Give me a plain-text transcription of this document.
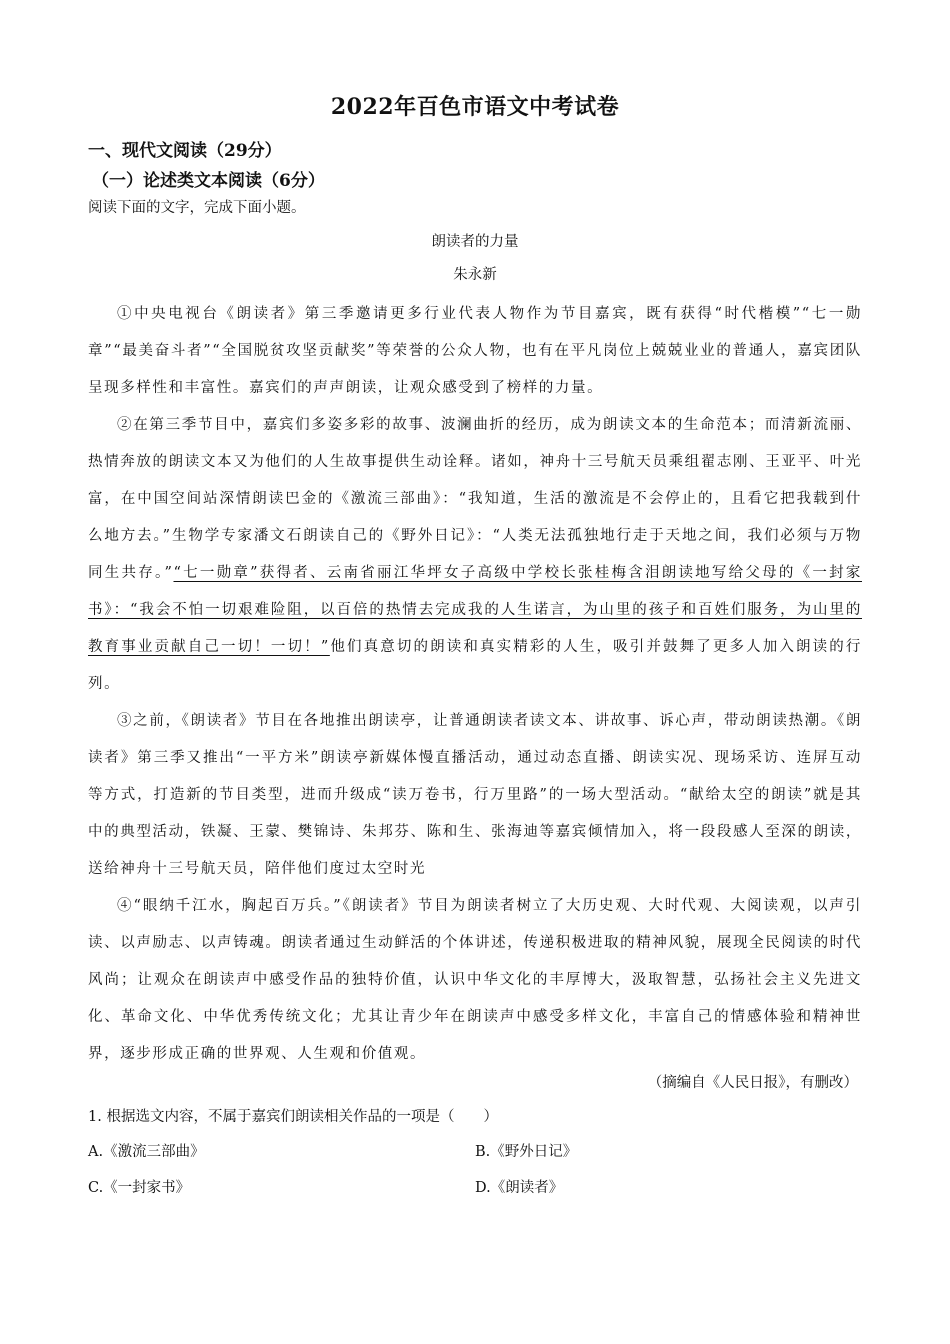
2022年百色市语文中考试卷
一、现代文阅读（29分）
（一）论述类文本阅读（6分）
阅读下面的文字，完成下面小题。
朗读者的力量
朱永新

①中央电视台《朗读者》第三季邀请更多行业代表人物作为节目嘉宾，既有获得“时代楷模”“七一勋章”“最美奋斗者”“全国脱贫攻坚贡献奖”等荣誉的公众人物，也有在平凡岗位上兢兢业业的普通人，嘉宾团队呈现多样性和丰富性。嘉宾们的声声朗读，让观众感受到了榜样的力量。

②在第三季节目中，嘉宾们多姿多彩的故事、波澜曲折的经历，成为朗读文本的生命范本；而清新流丽、热情奔放的朗读文本又为他们的人生故事提供生动诠释。诸如，神舟十三号航天员乘组翟志刚、王亚平、叶光富，在中国空间站深情朗读巴金的《激流三部曲》：“我知道，生活的激流是不会停止的，且看它把我载到什么地方去。”生物学专家潘文石朗读自己的《野外日记》：“人类无法孤独地行走于天地之间，我们必须与万物同生共存。”“七一勋章”获得者、云南省丽江华坪女子高级中学校长张桂梅含泪朗读地写给父母的《一封家书》：“我会不怕一切艰难险阻，以百倍的热情去完成我的人生诺言，为山里的孩子和百姓们服务，为山里的教育事业贡献自己一切！一切！”他们真意切的朗读和真实精彩的人生，吸引并鼓舞了更多人加入朗读的行列。

③之前，《朗读者》节目在各地推出朗读亭，让普通朗读者读文本、讲故事、诉心声，带动朗读热潮。《朗读者》第三季又推出“一平方米”朗读亭新媒体慢直播活动，通过动态直播、朗读实况、现场采访、连屏互动等方式，打造新的节目类型，进而升级成“读万卷书，行万里路”的一场大型活动。“献给太空的朗读”就是其中的典型活动，铁凝、王蒙、樊锦诗、朱邦芬、陈和生、张海迪等嘉宾倾情加入，将一段段感人至深的朗读，送给神舟十三号航天员，陪伴他们度过太空时光

④“眼纳千江水，胸起百万兵。”《朗读者》节目为朗读者树立了大历史观、大时代观、大阅读观，以声引读、以声励志、以声铸魂。朗读者通过生动鲜活的个体讲述，传递积极进取的精神风貌，展现全民阅读的时代风尚；让观众在朗读声中感受作品的独特价值，认识中华文化的丰厚博大，汲取智慧，弘扬社会主义先进文化、革命文化、中华优秀传统文化；尤其让青少年在朗读声中感受多样文化，丰富自己的情感体验和精神世界，逐步形成正确的世界观、人生观和价值观。

（摘编自《人民日报》，有删改）
1. 根据选文内容，不属于嘉宾们朗读相关作品的一项是（　　）
A.《激流三部曲》	B.《野外日记》
C.《一封家书》	D.《朗读者》
